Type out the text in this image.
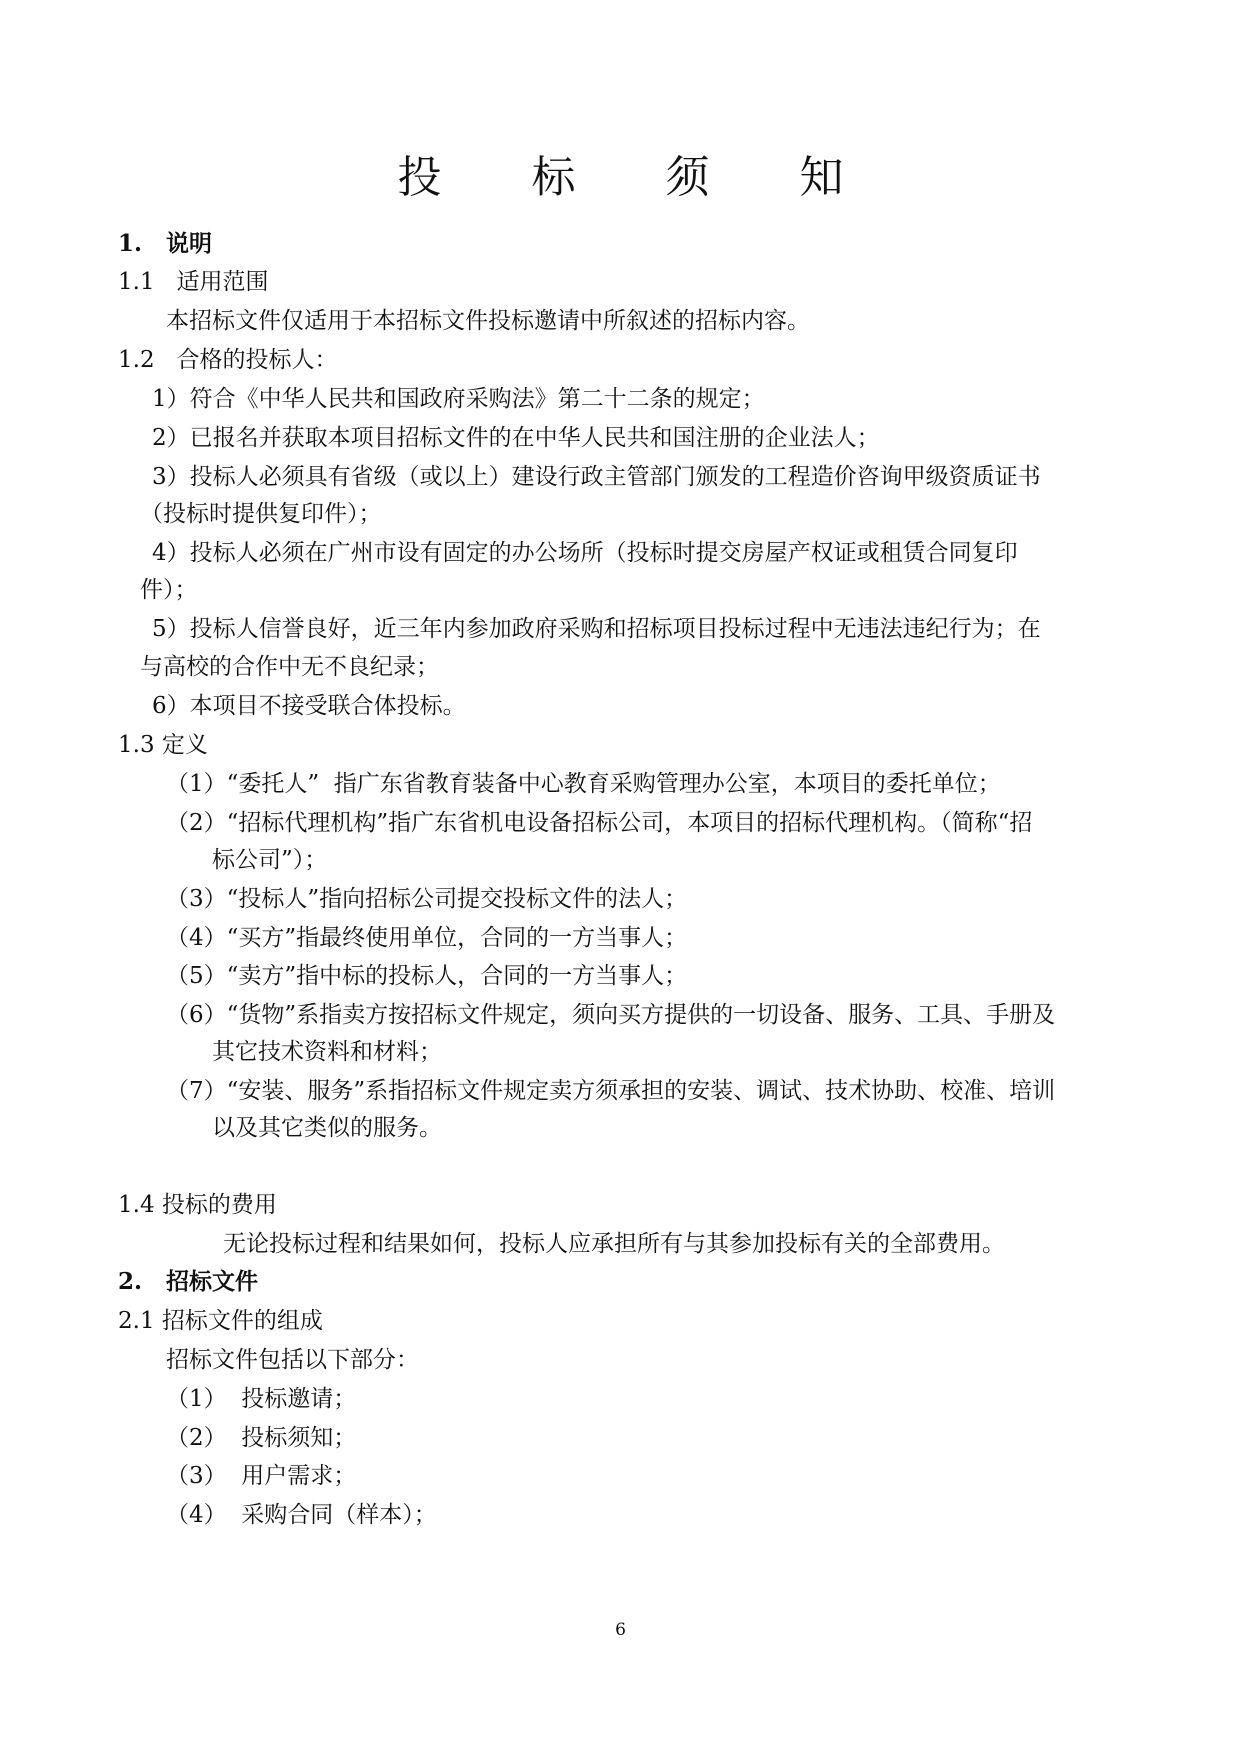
投 标 须 知
1.   说明
1.1   适用范围
本招标文件仅适用于本招标文件投标邀请中所叙述的招标内容。
1.2   合格的投标人：
1）符合《中华人民共和国政府采购法》第二十二条的规定；
2）已报名并获取本项目招标文件的在中华人民共和国注册的企业法人；
3）投标人必须具有省级（或以上）建设行政主管部门颁发的工程造价咨询甲级资质证书
（投标时提供复印件）；
4）投标人必须在广州市设有固定的办公场所（投标时提交房屋产权证或租赁合同复印
件）；
5）投标人信誉良好，近三年内参加政府采购和招标项目投标过程中无违法违纪行为；在
与高校的合作中无不良纪录；
6）本项目不接受联合体投标。
1.3 定义
（1）“委托人”  指广东省教育装备中心教育采购管理办公室，本项目的委托单位；
（2）“招标代理机构”指广东省机电设备招标公司，本项目的招标代理机构。（简称“招
标公司”）；
（3）“投标人”指向招标公司提交投标文件的法人；
（4）“买方”指最终使用单位，合同的一方当事人；
（5）“卖方”指中标的投标人，合同的一方当事人；
（6）“货物”系指卖方按招标文件规定，须向买方提供的一切设备、服务、工具、手册及
其它技术资料和材料；
（7）“安装、服务”系指招标文件规定卖方须承担的安装、调试、技术协助、校准、培训
以及其它类似的服务。
1.4 投标的费用
无论投标过程和结果如何，投标人应承担所有与其参加投标有关的全部费用。
2.   招标文件
2.1 招标文件的组成
招标文件包括以下部分：
（1）  投标邀请；
（2）  投标须知；
（3）  用户需求；
（4）  采购合同（样本）；
6
